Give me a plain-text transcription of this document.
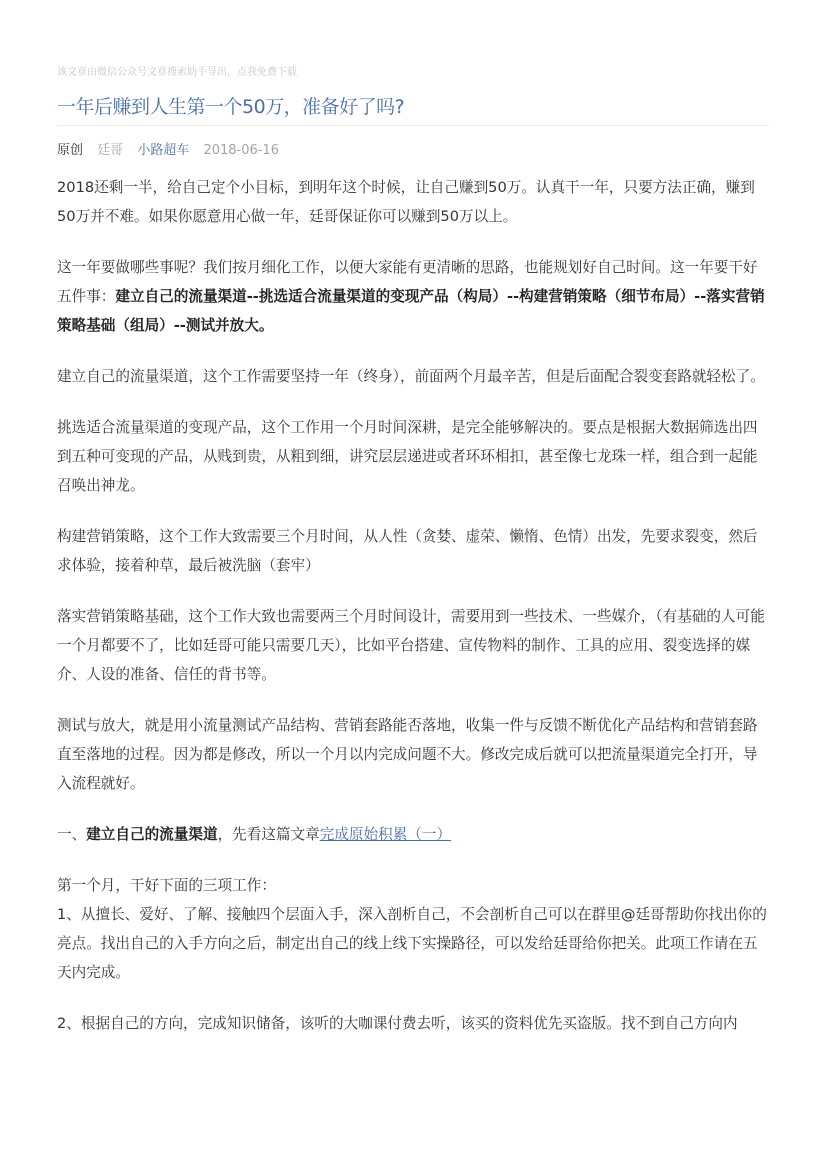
该文章由微信公众号文章搜索助手导出，点我免费下载
一年后赚到人生第一个50万，准备好了吗?
原创 廷哥 小路超车 2018-06-16

2018还剩一半，给自己定个小目标，到明年这个时候，让自己赚到50万。认真干一年，只要方法正确，赚到50万并不难。如果你愿意用心做一年，廷哥保证你可以赚到50万以上。

这一年要做哪些事呢？我们按月细化工作，以便大家能有更清晰的思路，也能规划好自己时间。这一年要干好五件事：建立自己的流量渠道--挑选适合流量渠道的变现产品（构局）--构建营销策略（细节布局）--落实营销策略基础（组局）--测试并放大。

建立自己的流量渠道，这个工作需要坚持一年（终身），前面两个月最辛苦，但是后面配合裂变套路就轻松了。

挑选适合流量渠道的变现产品，这个工作用一个月时间深耕，是完全能够解决的。要点是根据大数据筛选出四到五种可变现的产品，从贱到贵，从粗到细，讲究层层递进或者环环相扣，甚至像七龙珠一样，组合到一起能召唤出神龙。

构建营销策略，这个工作大致需要三个月时间，从人性（贪婪、虚荣、懒惰、色情）出发，先要求裂变，然后求体验，接着种草，最后被洗脑（套牢）

落实营销策略基础，这个工作大致也需要两三个月时间设计，需要用到一些技术、一些媒介，（有基础的人可能一个月都要不了，比如廷哥可能只需要几天），比如平台搭建、宣传物料的制作、工具的应用、裂变选择的媒介、人设的准备、信任的背书等。

测试与放大，就是用小流量测试产品结构、营销套路能否落地，收集一件与反馈不断优化产品结构和营销套路直至落地的过程。因为都是修改，所以一个月以内完成问题不大。修改完成后就可以把流量渠道完全打开，导入流程就好。

一、建立自己的流量渠道，先看这篇文章完成原始积累（一）

第一个月，干好下面的三项工作：

1、从擅长、爱好、了解、接触四个层面入手，深入剖析自己，不会剖析自己可以在群里@廷哥帮助你找出你的亮点。找出自己的入手方向之后，制定出自己的线上线下实操路径，可以发给廷哥给你把关。此项工作请在五天内完成。

2、根据自己的方向，完成知识储备，该听的大咖课付费去听，该买的资料优先买盗版。找不到自己方向内
